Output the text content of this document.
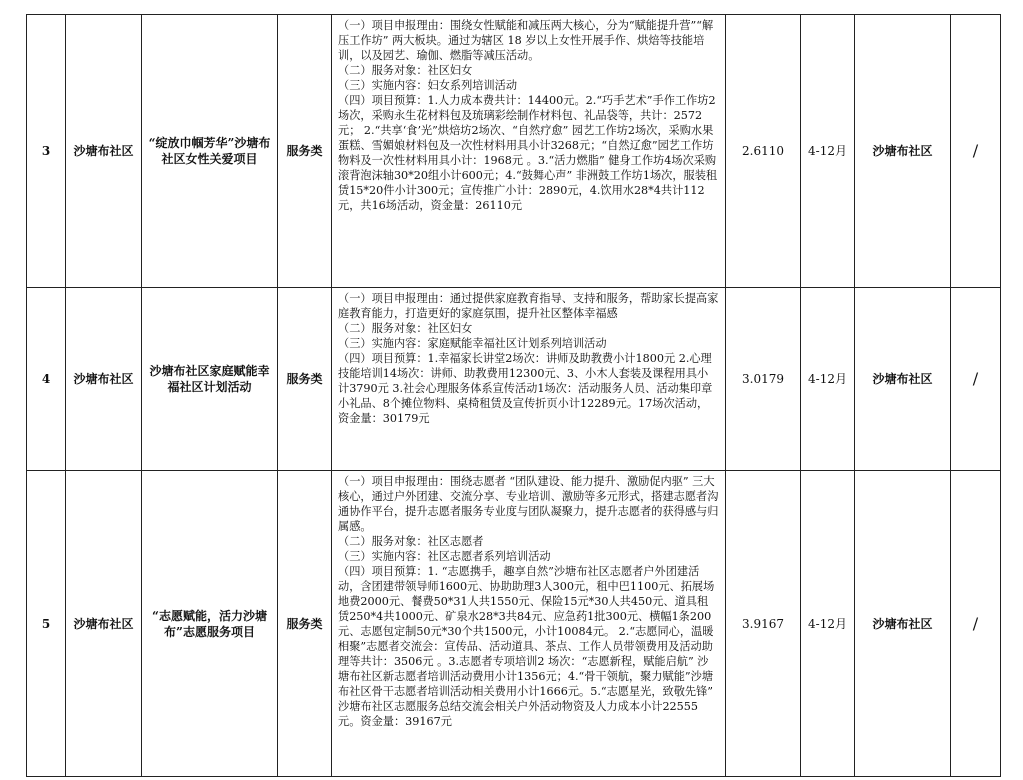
3	沙塘布社区	“绽放巾帼芳华”沙塘布社区女性关爱项目	服务类	（一）项目申报理由：围绕女性赋能和减压两大核心，分为“赋能提升营”“解压工作坊” 两大板块。通过为辖区 18 岁以上女性开展手作、烘焙等技能培训，以及园艺、瑜伽、燃脂等减压活动。

（二）服务对象：社区妇女

（三）实施内容：妇女系列培训活动

（四）项目预算：1.人力成本费共计：14400元。2.“巧手艺术”手作工作坊2场次，采购永生花材料包及琉璃彩绘制作材料包、礼品袋等，共计：2572元； 2.“共享‘食’光”烘焙坊2场次、“自然疗愈” 园艺工作坊2场次，采购水果蛋糕、雪媚娘材料包及一次性材料用具小计3268元；“自然辽愈”园艺工作坊物料及一次性材料用具小计：1968元 。3.“活力燃脂” 健身工作坊4场次采购滚背泡沫轴30*20组小计600元；4.“鼓舞心声” 非洲鼓工作坊1场次，服装租赁15*20件小计300元；宣传推广小计：2890元，4.饮用水28*4共计112元，共16场活动，资金量：26110元	2.6110	4-12月	沙塘布社区	/
4	沙塘布社区	沙塘布社区家庭赋能幸福社区计划活动	服务类	（一）项目申报理由：通过提供家庭教育指导、支持和服务，帮助家长提高家庭教育能力，打造更好的家庭氛围，提升社区整体幸福感

（二）服务对象：社区妇女

（三）实施内容：家庭赋能幸福社区计划系列培训活动

（四）项目预算：1.幸福家长讲堂2场次：讲师及助教费小计1800元 2.心理技能培训14场次：讲师、助教费用12300元、3、小木人套装及课程用具小计3790元 3.社会心理服务体系宣传活动1场次：活动服务人员、活动集印章小礼品、8个摊位物料、桌椅租赁及宣传折页小计12289元。17场次活动，资金量：30179元	3.0179	4-12月	沙塘布社区	/
5	沙塘布社区	“志愿赋能，活力沙塘布”志愿服务项目	服务类	（一）项目申报理由：围绕志愿者 “团队建设、能力提升、激励促内驱” 三大核心，通过户外团建、交流分享、专业培训、激励等多元形式，搭建志愿者沟通协作平台，提升志愿者服务专业度与团队凝聚力，提升志愿者的获得感与归属感。

（二）服务对象：社区志愿者

（三）实施内容：社区志愿者系列培训活动

（四）项目预算：1. “志愿携手，趣享自然”沙塘布社区志愿者户外团建活动，含团建带领导师1600元、协助助理3人300元，租中巴1100元、拓展场地费2000元、餐费50*31人共1550元、保险15元*30人共450元、道具租赁250*4共1000元、矿泉水28*3共84元、应急药1批300元、横幅1条200元、志愿包定制50元*30个共1500元，小计10084元。 2.“志愿同心，温暖相聚”志愿者交流会：宣传品、活动道具、茶点、工作人员带领费用及活动助理等共计：3506元 。3.志愿者专项培训2 场次：“志愿新程，赋能启航” 沙塘布社区新志愿者培训活动费用小计1356元；4.“骨干领航，聚力赋能”沙塘布社区骨干志愿者培训活动相关费用小计1666元。5.“志愿星光，致敬先锋” 沙塘布社区志愿服务总结交流会相关户外活动物资及人力成本小计22555元。资金量：39167元	3.9167	4-12月	沙塘布社区	/
